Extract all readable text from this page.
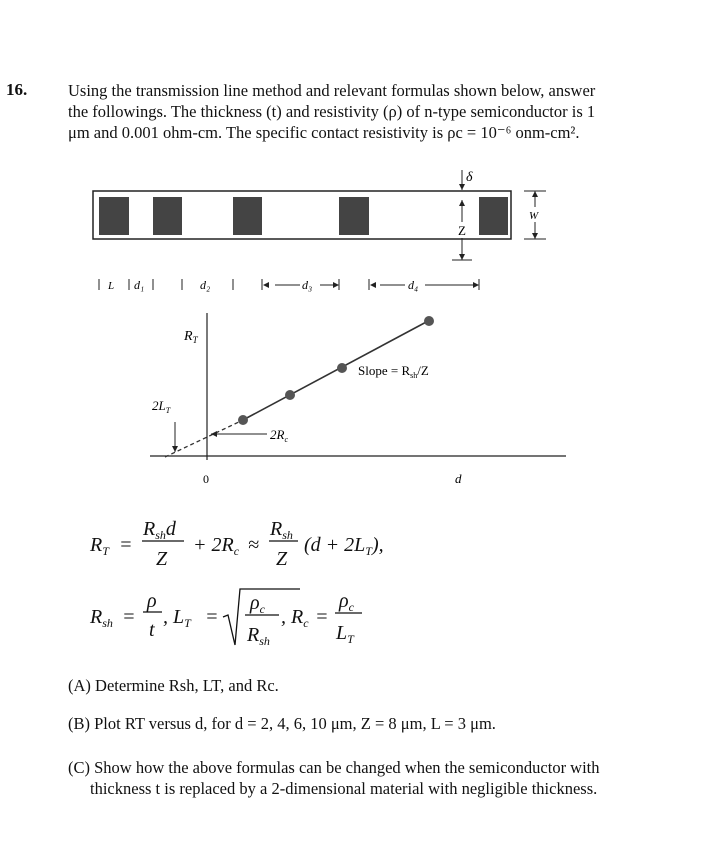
16. Using the transmission line method and relevant formulas shown below, answer

the followings. The thickness (t) and resistivity (ρ) of n-type semiconductor is 1

μm and 0.001 ohm-cm. The specific contact resistivity is ρc = 10⁻⁶ onm-cm².

δ
Z
W
L d₁	d₂	d₃	d₄
$R_T$
$2L_T$
$2R_c$
Slope = $R_{sh}/Z$
0	d
$R_T$ =
$R_{sh}d$
Z
+ $2R_c$ ≈
$R_{sh}$
Z
$(d + 2L_T)$,
$R_{sh}$ =
ρ
t
, $L_T$ =
$\rho_c$
$R_{sh}$
, $R_c$ =
$\rho_c$
$L_T$
(A) Determine Rsh, LT, and Rc.
(B) Plot RT versus d, for d = 2, 4, 6, 10 μm, Z = 8 μm, L = 3 μm.
(C) Show how the above formulas can be changed when the semiconductor with
thickness t is replaced by a 2-dimensional material with negligible thickness.
